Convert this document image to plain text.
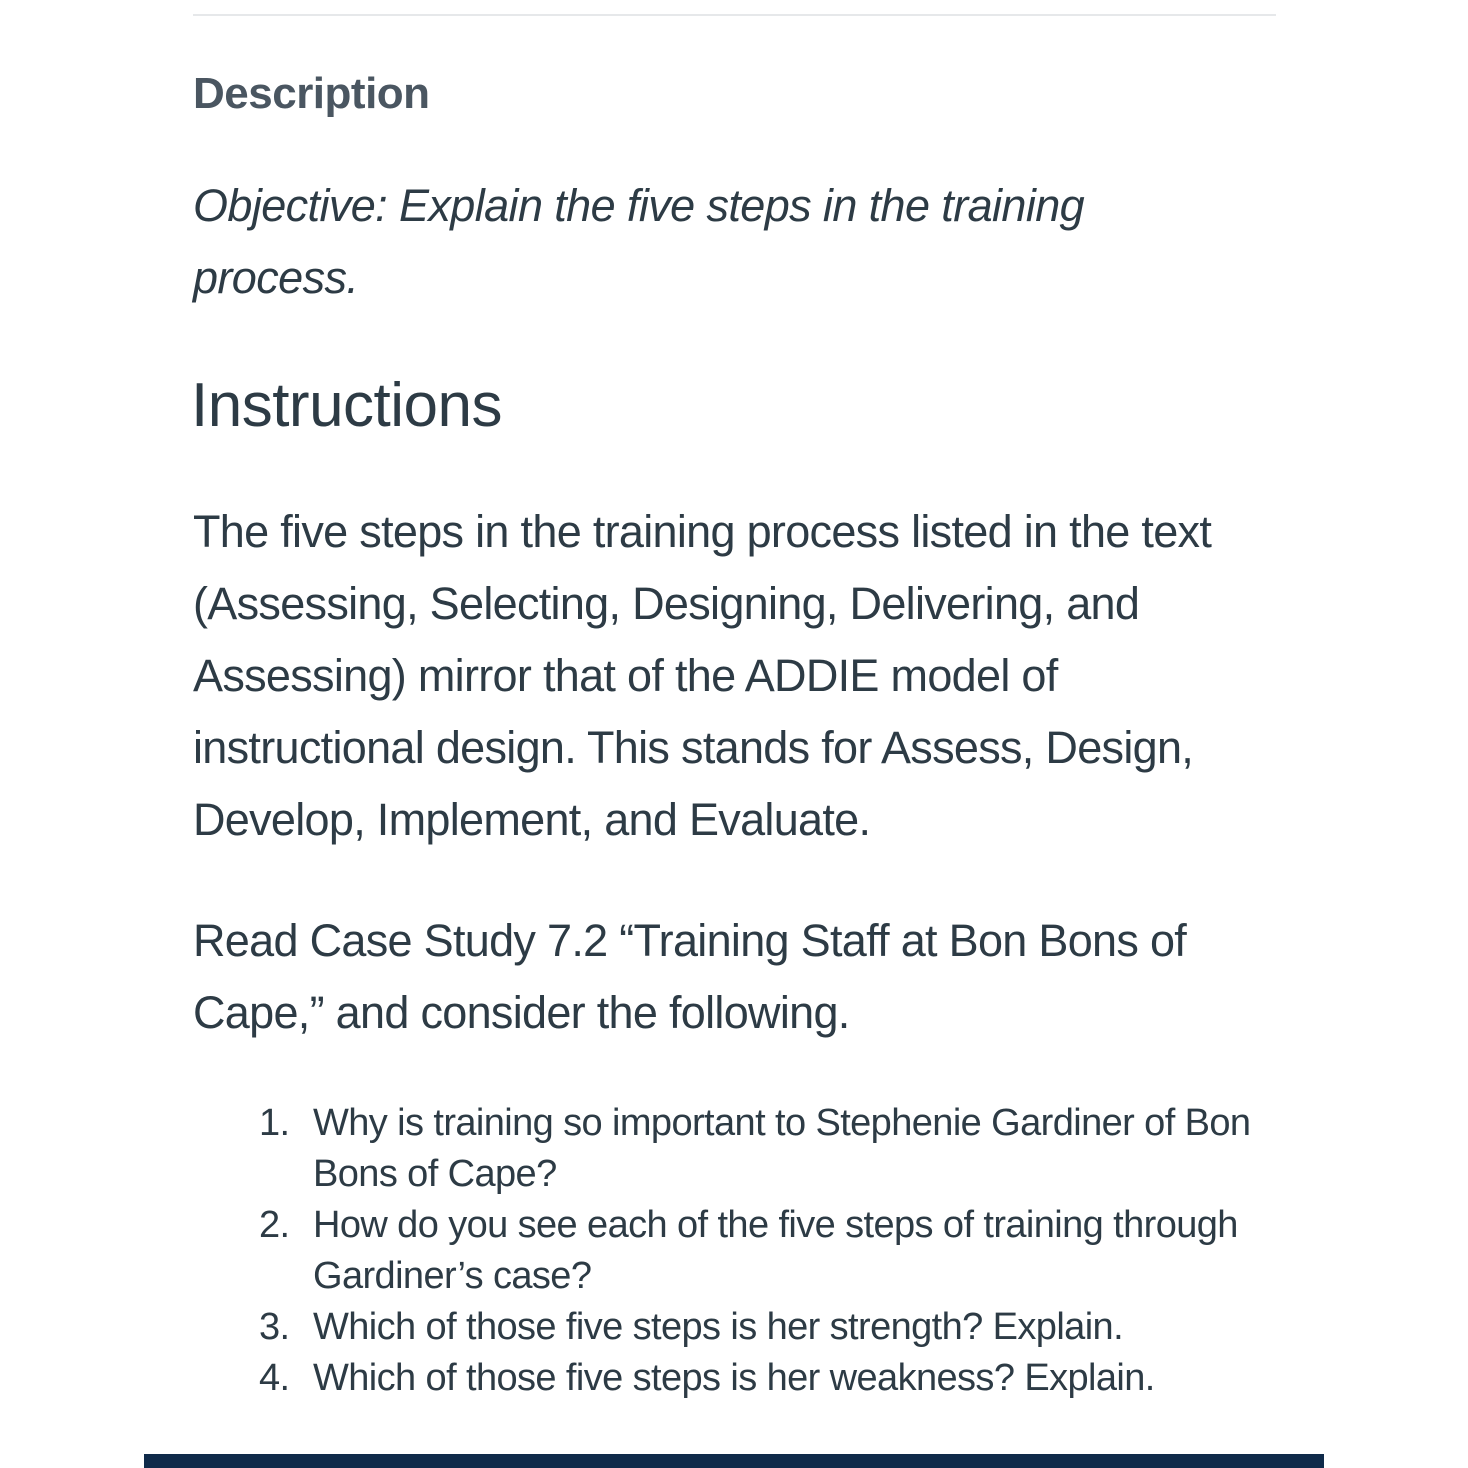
Description

Objective: Explain the five steps in the training process.

Instructions

The five steps in the training process listed in the text (Assessing, Selecting, Designing, Delivering, and Assessing) mirror that of the ADDIE model of instructional design. This stands for Assess, Design, Develop, Implement, and Evaluate.

Read Case Study 7.2 “Training Staff at Bon Bons of Cape,” and consider the following.

1. Why is training so important to Stephenie Gardiner of Bon Bons of Cape?
2. How do you see each of the five steps of training through Gardiner’s case?
3. Which of those five steps is her strength? Explain.
4. Which of those five steps is her weakness? Explain.
